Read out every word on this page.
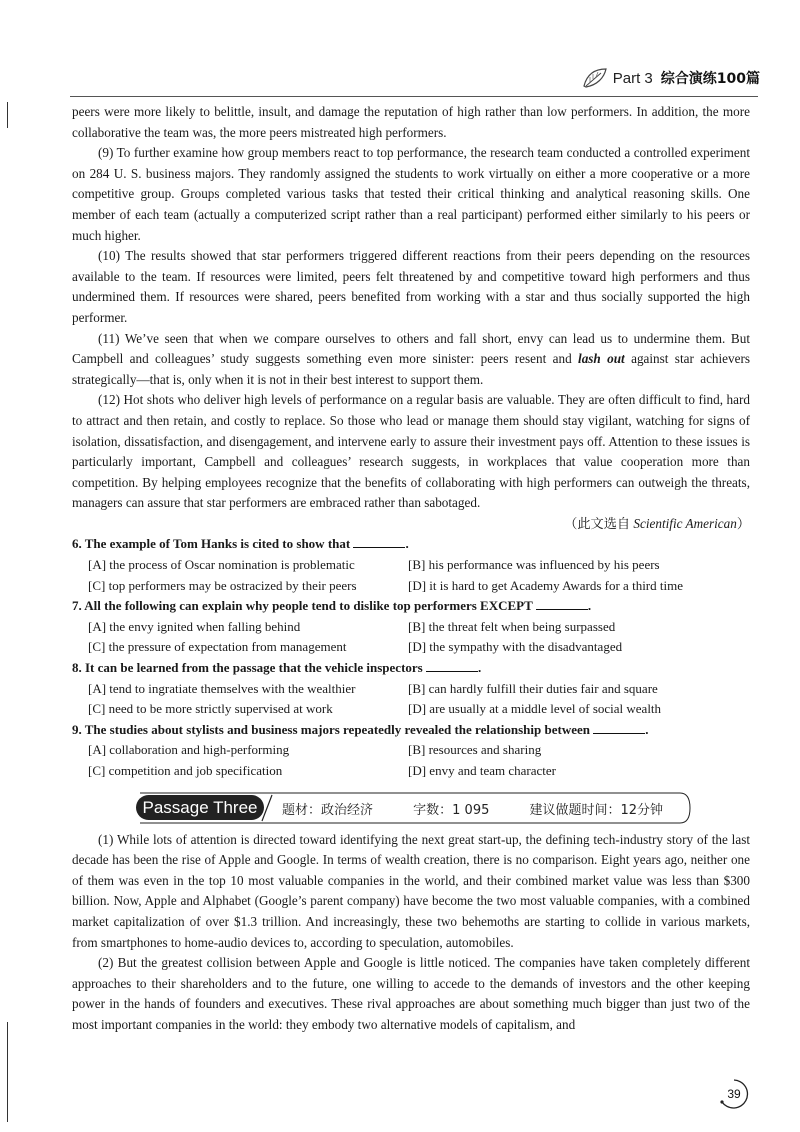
Part 3 综合演练100篇

peers were more likely to belittle, insult, and damage the reputation of high rather than low performers. In addition, the more collaborative the team was, the more peers mistreated high performers.

(9) To further examine how group members react to top performance, the research team conducted a controlled experiment on 284 U. S. business majors. They randomly assigned the students to work virtually on either a more cooperative or a more competitive group. Groups completed various tasks that tested their critical thinking and analytical reasoning skills. One member of each team (actually a computerized script rather than a real participant) performed either similarly to his peers or much higher.

(10) The results showed that star performers triggered different reactions from their peers depending on the resources available to the team. If resources were limited, peers felt threatened by and competitive toward high performers and thus undermined them. If resources were shared, peers benefited from working with a star and thus socially supported the high performer.

(11) We’ve seen that when we compare ourselves to others and fall short, envy can lead us to undermine them. But Campbell and colleagues’ study suggests something even more sinister: peers resent and lash out against star achievers strategically—that is, only when it is not in their best interest to support them.

(12) Hot shots who deliver high levels of performance on a regular basis are valuable. They are often difficult to find, hard to attract and then retain, and costly to replace. So those who lead or manage them should stay vigilant, watching for signs of isolation, dissatisfaction, and disengagement, and intervene early to assure their investment pays off. Attention to these issues is particularly important, Campbell and colleagues’ research suggests, in workplaces that value cooperation more than competition. By helping employees recognize that the benefits of collaborating with high performers can outweigh the threats, managers can assure that star performers are embraced rather than sabotaged.

（此文选自 Scientific American）

6. The example of Tom Hanks is cited to show that	.
[A] the process of Oscar nomination is problematic	[B] his performance was influenced by his peers
[C] top performers may be ostracized by their peers	[D] it is hard to get Academy Awards for a third time
7. All the following can explain why people tend to dislike top performers EXCEPT	.
[A] the envy ignited when falling behind	[B] the threat felt when being surpassed
[C] the pressure of expectation from management	[D] the sympathy with the disadvantaged
8. It can be learned from the passage that the vehicle inspectors	.
[A] tend to ingratiate themselves with the wealthier	[B] can hardly fulfill their duties fair and square
[C] need to be more strictly supervised at work	[D] are usually at a middle level of social wealth
9. The studies about stylists and business majors repeatedly revealed the relationship between	.
[A] collaboration and high-performing	[B] resources and sharing
[C] competition and job specification	[D] envy and team character
Passage Three	题材：政治经济	字数：1 095	建议做题时间：12分钟

(1) While lots of attention is directed toward identifying the next great start-up, the defining tech-industry story of the last decade has been the rise of Apple and Google. In terms of wealth creation, there is no comparison. Eight years ago, neither one of them was even in the top 10 most valuable companies in the world, and their combined market value was less than $300 billion. Now, Apple and Alphabet (Google’s parent company) have become the two most valuable companies, with a combined market capitalization of over $1.3 trillion. And increasingly, these two behemoths are starting to collide in various markets, from smartphones to home-audio devices to, according to speculation, automobiles.

(2) But the greatest collision between Apple and Google is little noticed. The companies have taken completely different approaches to their shareholders and to the future, one willing to accede to the demands of investors and the other keeping power in the hands of founders and executives. These rival approaches are about something much bigger than just two of the most important companies in the world: they embody two alternative models of capitalism, and

39
